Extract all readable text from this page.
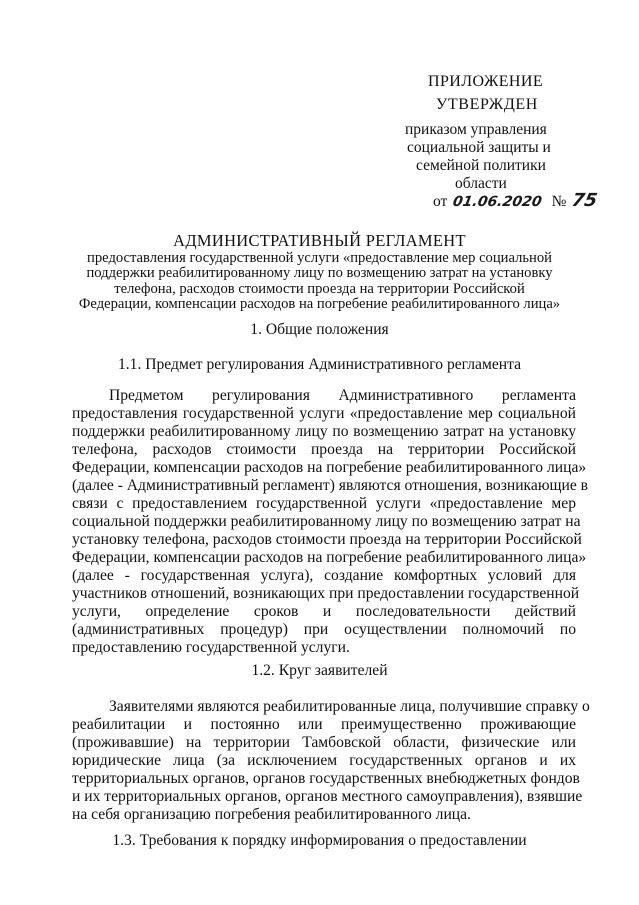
ПРИЛОЖЕНИЕ
УТВЕРЖДЕН
приказом управления
социальной защиты и
семейной политики
области
от 01.06.2020 № 75
АДМИНИСТРАТИВНЫЙ РЕГЛАМЕНТ
предоставления государственной услуги «предоставление мер социальной
поддержки реабилитированному лицу по возмещению затрат на установку
телефона, расходов стоимости проезда на территории Российской
Федерации, компенсации расходов на погребение реабилитированного лица»
1. Общие положения
1.1. Предмет регулирования Административного регламента
Предметом регулирования Административного регламента
предоставления государственной услуги «предоставление мер социальной
поддержки реабилитированному лицу по возмещению затрат на установку
телефона, расходов стоимости проезда на территории Российской
Федерации, компенсации расходов на погребение реабилитированного лица»
(далее - Административный регламент) являются отношения, возникающие в
связи с предоставлением государственной услуги «предоставление мер
социальной поддержки реабилитированному лицу по возмещению затрат на
установку телефона, расходов стоимости проезда на территории Российской
Федерации, компенсации расходов на погребение реабилитированного лица»
(далее - государственная услуга), создание комфортных условий для
участников отношений, возникающих при предоставлении государственной
услуги, определение сроков и последовательности действий
(административных процедур) при осуществлении полномочий по
предоставлению государственной услуги.
1.2. Круг заявителей
Заявителями являются реабилитированные лица, получившие справку о
реабилитации и постоянно или преимущественно проживающие
(проживавшие) на территории Тамбовской области, физические или
юридические лица (за исключением государственных органов и их
территориальных органов, органов государственных внебюджетных фондов
и их территориальных органов, органов местного самоуправления), взявшие
на себя организацию погребения реабилитированного лица.
1.3. Требования к порядку информирования о предоставлении
